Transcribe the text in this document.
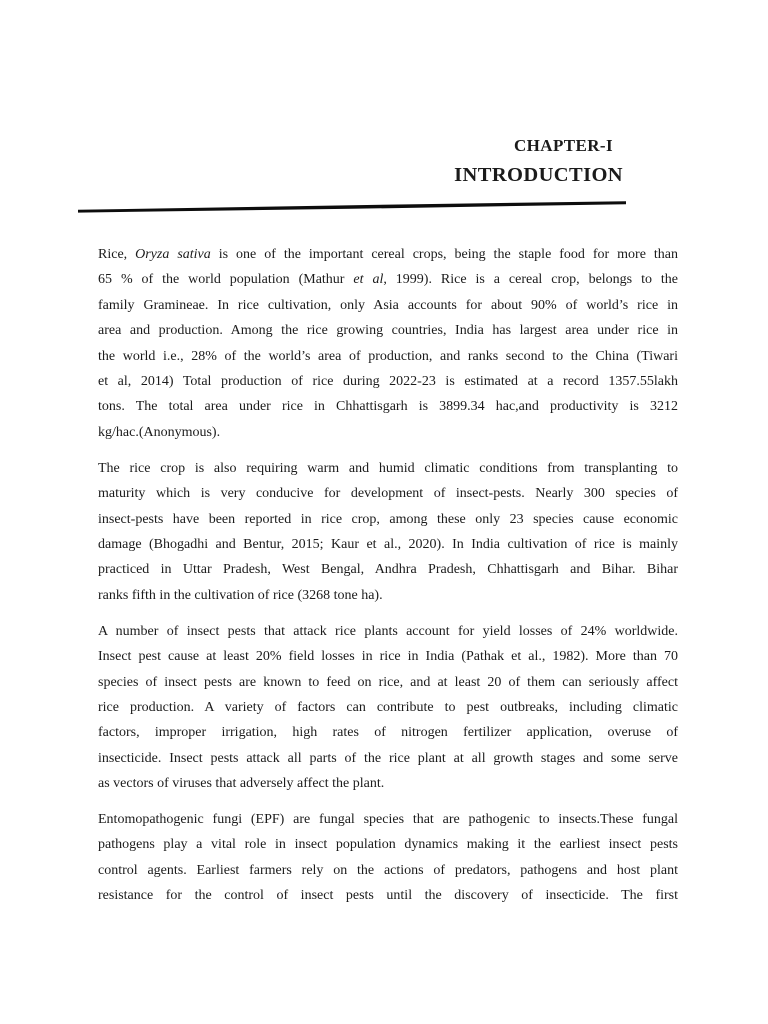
CHAPTER-I
INTRODUCTION
Rice, Oryza sativa is one of the important cereal crops, being the staple food for more than
65 % of the world population (Mathur et al, 1999). Rice is a cereal crop, belongs to the
family Gramineae. In rice cultivation, only Asia accounts for about 90% of world’s rice in
area and production. Among the rice growing countries, India has largest area under rice in
the world i.e., 28% of the world’s area of production, and ranks second to the China (Tiwari
et al, 2014) Total production of rice during 2022-23 is estimated at a record 1357.55lakh
tons. The total area under rice in Chhattisgarh is 3899.34 hac,and productivity is 3212
kg/hac.(Anonymous).
The rice crop is also requiring warm and humid climatic conditions from transplanting to
maturity which is very conducive for development of insect-pests. Nearly 300 species of
insect-pests have been reported in rice crop, among these only 23 species cause economic
damage (Bhogadhi and Bentur, 2015; Kaur et al., 2020). In India cultivation of rice is mainly
practiced in Uttar Pradesh, West Bengal, Andhra Pradesh, Chhattisgarh and Bihar. Bihar
ranks fifth in the cultivation of rice (3268 tone ha).
A number of insect pests that attack rice plants account for yield losses of 24% worldwide.
Insect pest cause at least 20% field losses in rice in India (Pathak et al., 1982). More than 70
species of insect pests are known to feed on rice, and at least 20 of them can seriously affect
rice production. A variety of factors can contribute to pest outbreaks, including climatic
factors, improper irrigation, high rates of nitrogen fertilizer application, overuse of
insecticide. Insect pests attack all parts of the rice plant at all growth stages and some serve
as vectors of viruses that adversely affect the plant.
Entomopathogenic fungi (EPF) are fungal species that are pathogenic to insects.These fungal
pathogens play a vital role in insect population dynamics making it the earliest insect pests
control agents. Earliest farmers rely on the actions of predators, pathogens and host plant
resistance for the control of insect pests until the discovery of insecticide. The first
